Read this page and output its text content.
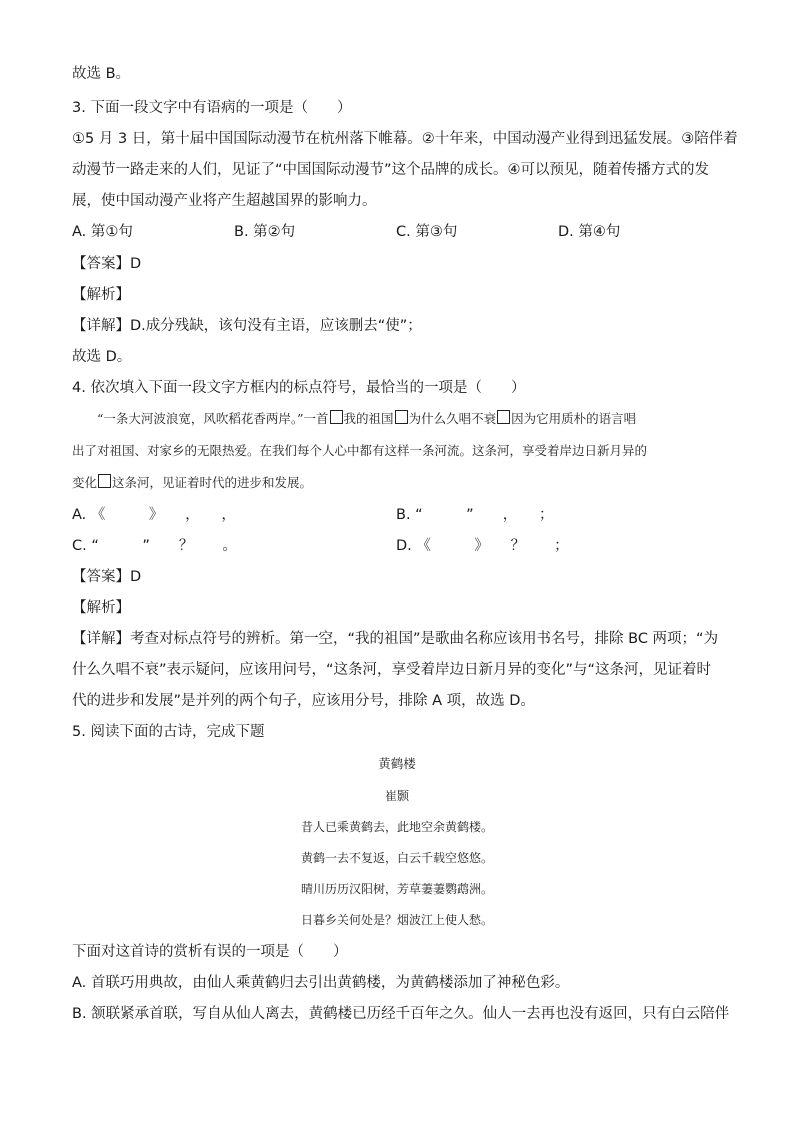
故选 B。
3. 下面一段文字中有语病的一项是（　　）
①5 月 3 日，第十届中国国际动漫节在杭州落下帷幕。②十年来，中国动漫产业得到迅猛发展。③陪伴着
动漫节一路走来的人们，见证了“中国国际动漫节”这个品牌的成长。④可以预见，随着传播方式的发
展，使中国动漫产业将产生超越国界的影响力。
A. 第①句	B. 第②句	C. 第③句	D. 第④句
【答案】D
【解析】
【详解】D.成分残缺，该句没有主语，应该删去“使”；
故选 D。
4. 依次填入下面一段文字方框内的标点符号，最恰当的一项是（　　）
　　“一条大河波浪宽，风吹稻花香两岸。”一首 我的祖国 为什么久唱不衰 因为它用质朴的语言唱
出了对祖国、对家乡的无限热爱。在我们每个人心中都有这样一条河流。这条河，享受着岸边日新月异的
变化 这条河，见证着时代的进步和发展。
A. 《　　　》　　，　　，	B. “　　　”　　，　　；
C. “　　　”　　？　　。	D. 《　　　》　　？　　；
【答案】D
【解析】
【详解】考查对标点符号的辨析。第一空，“我的祖国”是歌曲名称应该用书名号，排除 BC 两项；“为
什么久唱不衰”表示疑问，应该用问号，“这条河，享受着岸边日新月异的变化”与“这条河，见证着时
代的进步和发展”是并列的两个句子，应该用分号，排除 A 项，故选 D。
5. 阅读下面的古诗，完成下题
黄鹤楼
崔颢
昔人已乘黄鹤去，此地空余黄鹤楼。
黄鹤一去不复返，白云千载空悠悠。
晴川历历汉阳树，芳草萋萋鹦鹉洲。
日暮乡关何处是？烟波江上使人愁。
下面对这首诗的赏析有误的一项是（　　）
A. 首联巧用典故，由仙人乘黄鹤归去引出黄鹤楼，为黄鹤楼添加了神秘色彩。
B. 颔联紧承首联，写自从仙人离去，黄鹤楼已历经千百年之久。仙人一去再也没有返回，只有白云陪伴
